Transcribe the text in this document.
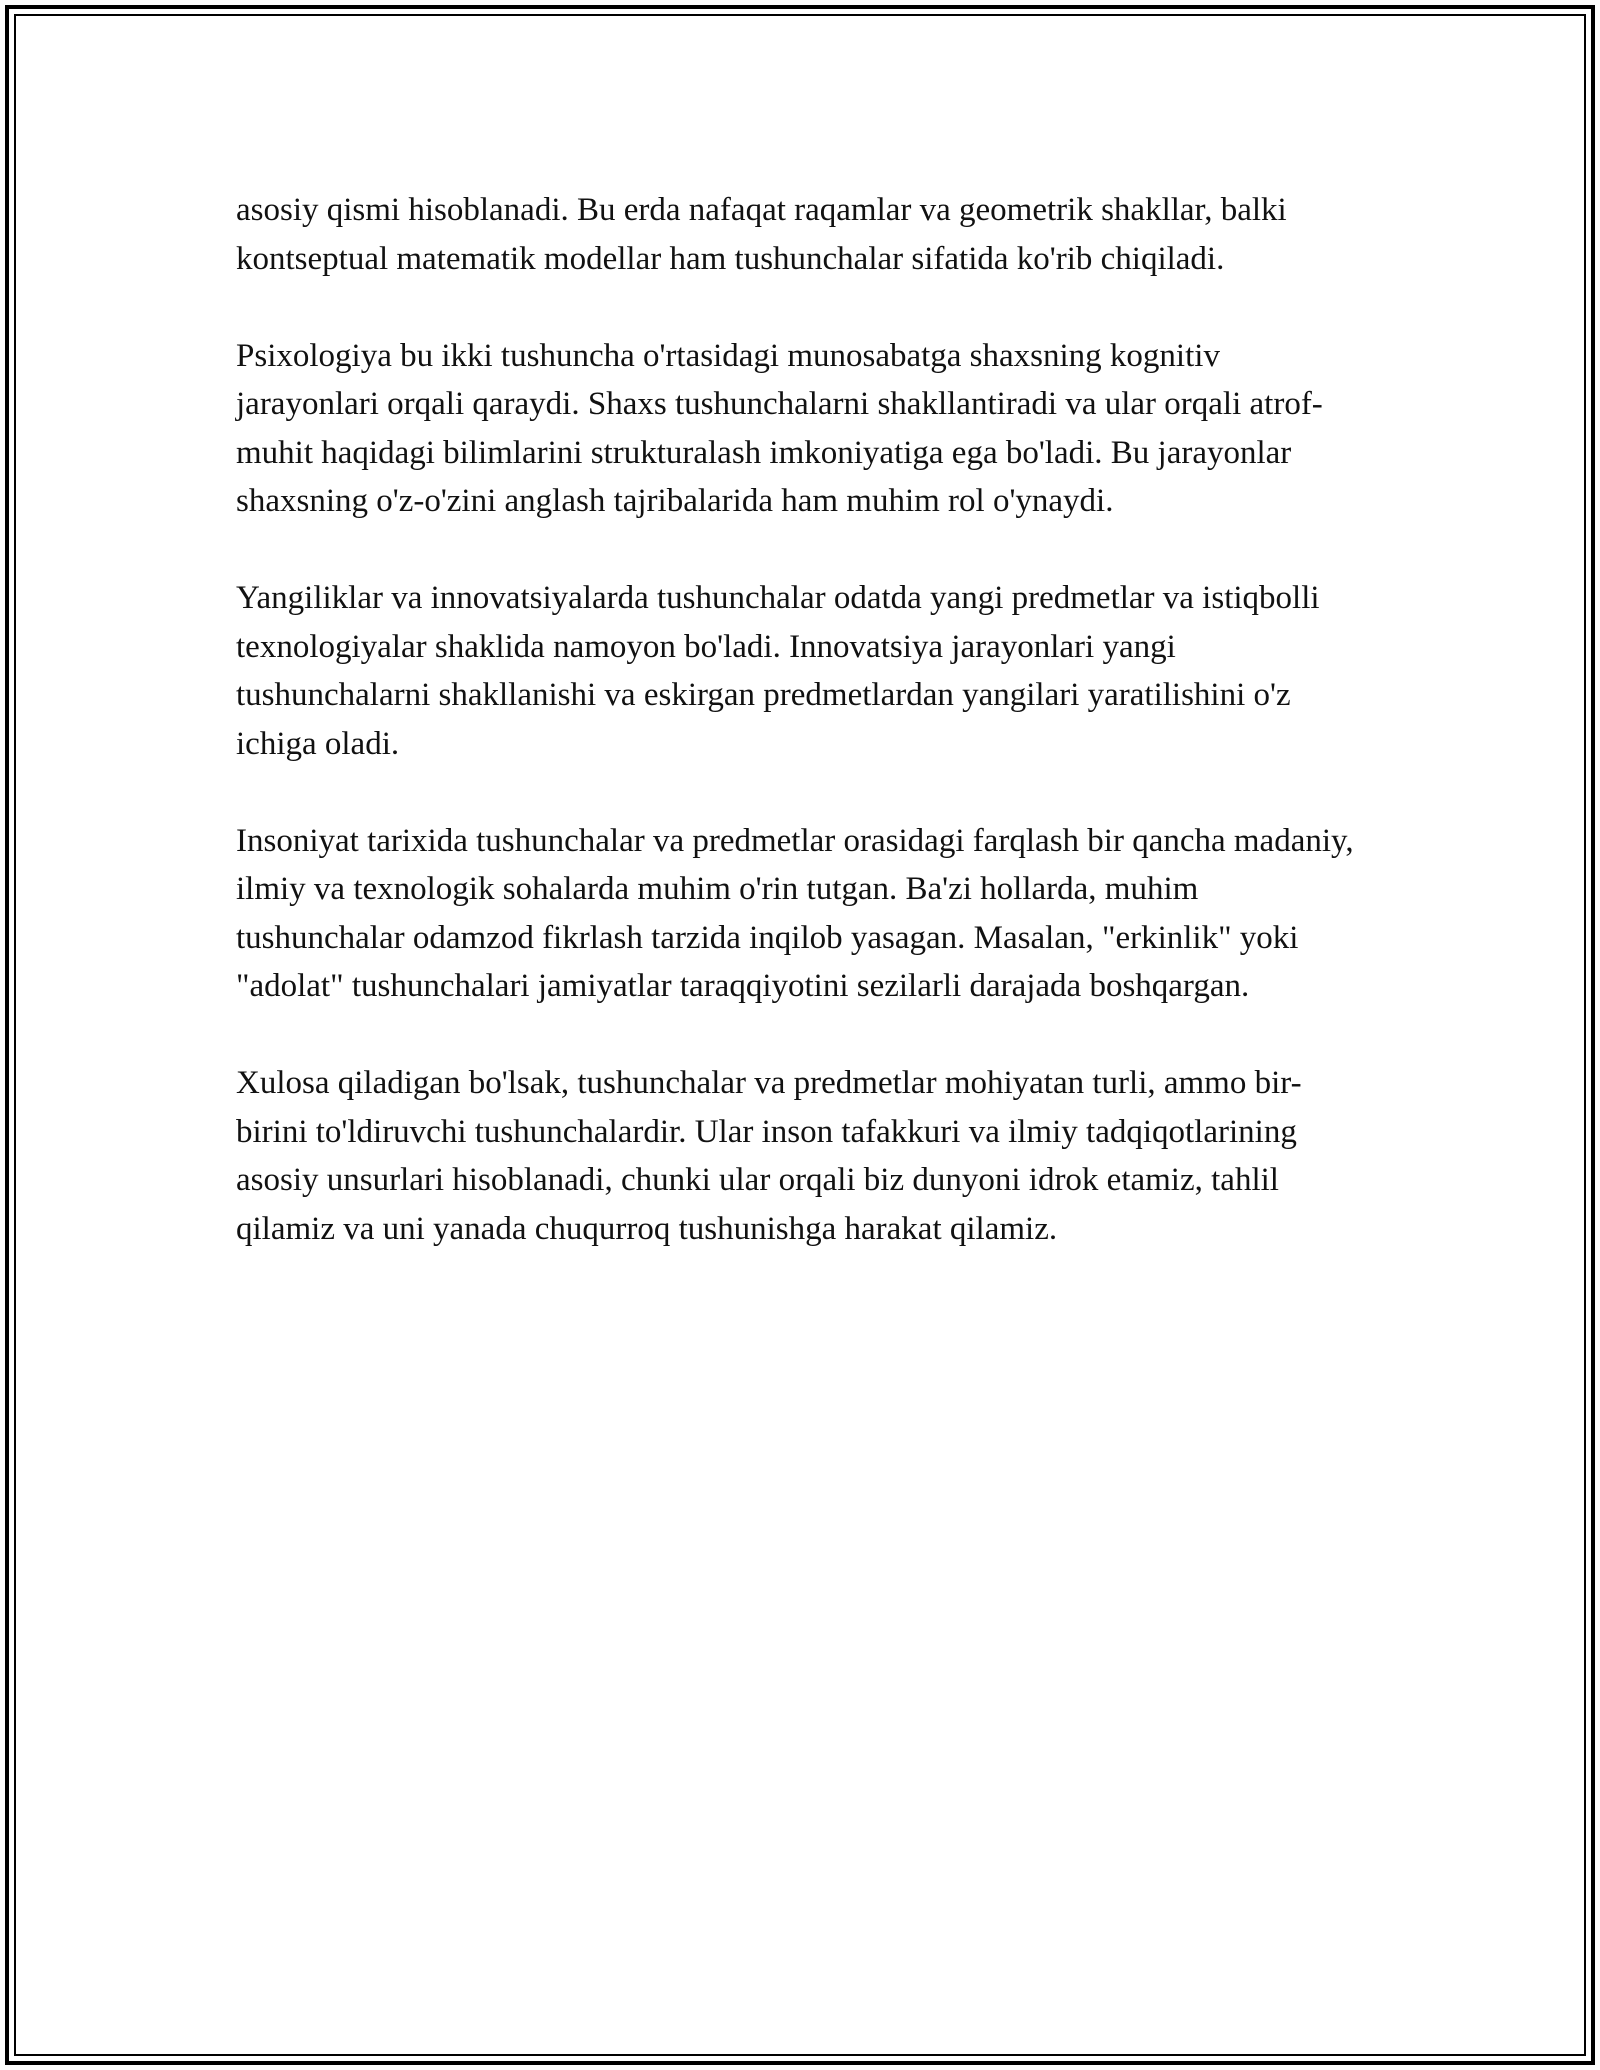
asosiy qismi hisoblanadi. Bu erda nafaqat raqamlar va geometrik shakllar, balki kontseptual matematik modellar ham tushunchalar sifatida ko'rib chiqiladi.

Psixologiya bu ikki tushuncha o'rtasidagi munosabatga shaxsning kognitiv jarayonlari orqali qaraydi. Shaxs tushunchalarni shakllantiradi va ular orqali atrof-muhit haqidagi bilimlarini strukturalash imkoniyatiga ega bo'ladi. Bu jarayonlar shaxsning o'z-o'zini anglash tajribalarida ham muhim rol o'ynaydi.

Yangiliklar va innovatsiyalarda tushunchalar odatda yangi predmetlar va istiqbolli texnologiyalar shaklida namoyon bo'ladi. Innovatsiya jarayonlari yangi tushunchalarni shakllanishi va eskirgan predmetlardan yangilari yaratilishini o'z ichiga oladi.

Insoniyat tarixida tushunchalar va predmetlar orasidagi farqlash bir qancha madaniy, ilmiy va texnologik sohalarda muhim o'rin tutgan. Ba'zi hollarda, muhim tushunchalar odamzod fikrlash tarzida inqilob yasagan. Masalan, "erkinlik" yoki "adolat" tushunchalari jamiyatlar taraqqiyotini sezilarli darajada boshqargan.

Xulosa qiladigan bo'lsak, tushunchalar va predmetlar mohiyatan turli, ammo bir-birini to'ldiruvchi tushunchalardir. Ular inson tafakkuri va ilmiy tadqiqotlarining asosiy unsurlari hisoblanadi, chunki ular orqali biz dunyoni idrok etamiz, tahlil qilamiz va uni yanada chuqurroq tushunishga harakat qilamiz.
